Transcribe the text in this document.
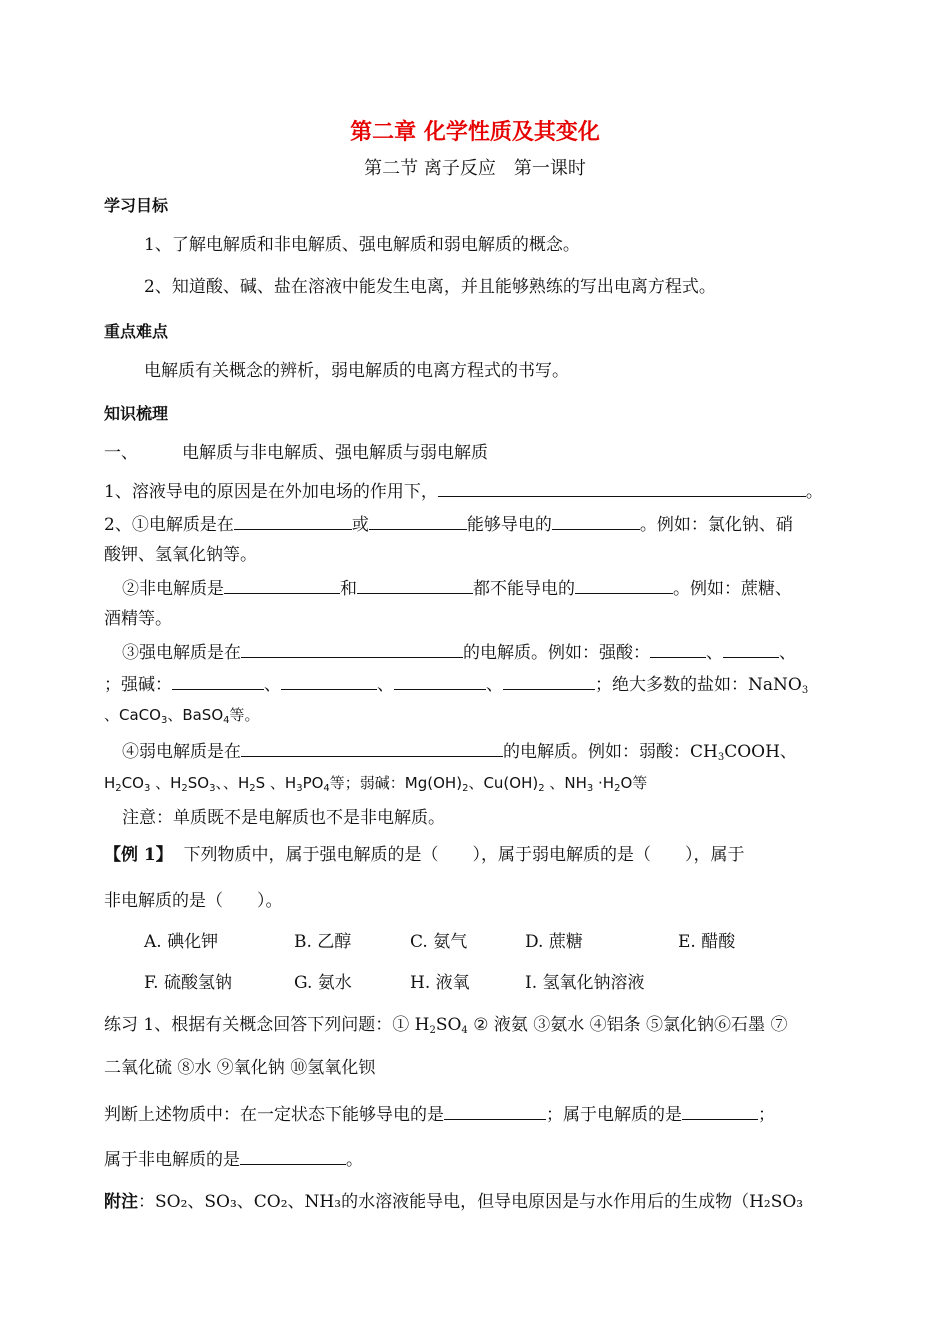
第二章 化学性质及其变化
第二节 离子反应　第一课时
学习目标
1、了解电解质和非电解质、强电解质和弱电解质的概念。
2、知道酸、碱、盐在溶液中能发生电离，并且能够熟练的写出电离方程式。
重点难点
电解质有关概念的辨析，弱电解质的电离方程式的书写。
知识梳理
一、	电解质与非电解质、强电解质与弱电解质
1、溶液导电的原因是在外加电场的作用下，	。
2、①电解质是在	或	能够导电的	。例如：氯化钠、硝
酸钾、氢氧化钠等。
②非电解质是	和	都不能导电的	。例如：蔗糖、
酒精等。
③强电解质是在	的电解质。例如：强酸：	、	、
；强碱：	、	、	、	；绝大多数的盐如：NaNO$_3$
、CaCO$_3$、BaSO$_4$等。
④弱电解质是在	的电解质。例如：弱酸：$CH_3COOH$、
$H_2CO_3$ 、$H_2SO_3$、、$H_2S$ 、$H_3PO_4$等；弱碱：$Mg(OH)_2$、$Cu(OH)_2$ 、$NH_3 \cdot H_2O$等
注意：单质既不是电解质也不是非电解质。
【例 1】 下列物质中，属于强电解质的是（　　），属于弱电解质的是（　　），属于
非电解质的是（　　）。
A. 碘化钾	B. 乙醇	C. 氨气	D. 蔗糖	E. 醋酸
F. 硫酸氢钠	G. 氨水	H. 液氧	I. 氢氧化钠溶液
练习 1、根据有关概念回答下列问题：① $H_2SO_4$ ② 液氨 ③氨水 ④铝条 ⑤氯化钠⑥石墨 ⑦
二氧化硫 ⑧水 ⑨氧化钠 ⑩氢氧化钡
判断上述物质中：在一定状态下能够导电的是	；属于电解质的是	；
属于非电解质的是	。
附注：SO₂、SO₃、CO₂、NH₃的水溶液能导电，但导电原因是与水作用后的生成物（H₂SO₃
